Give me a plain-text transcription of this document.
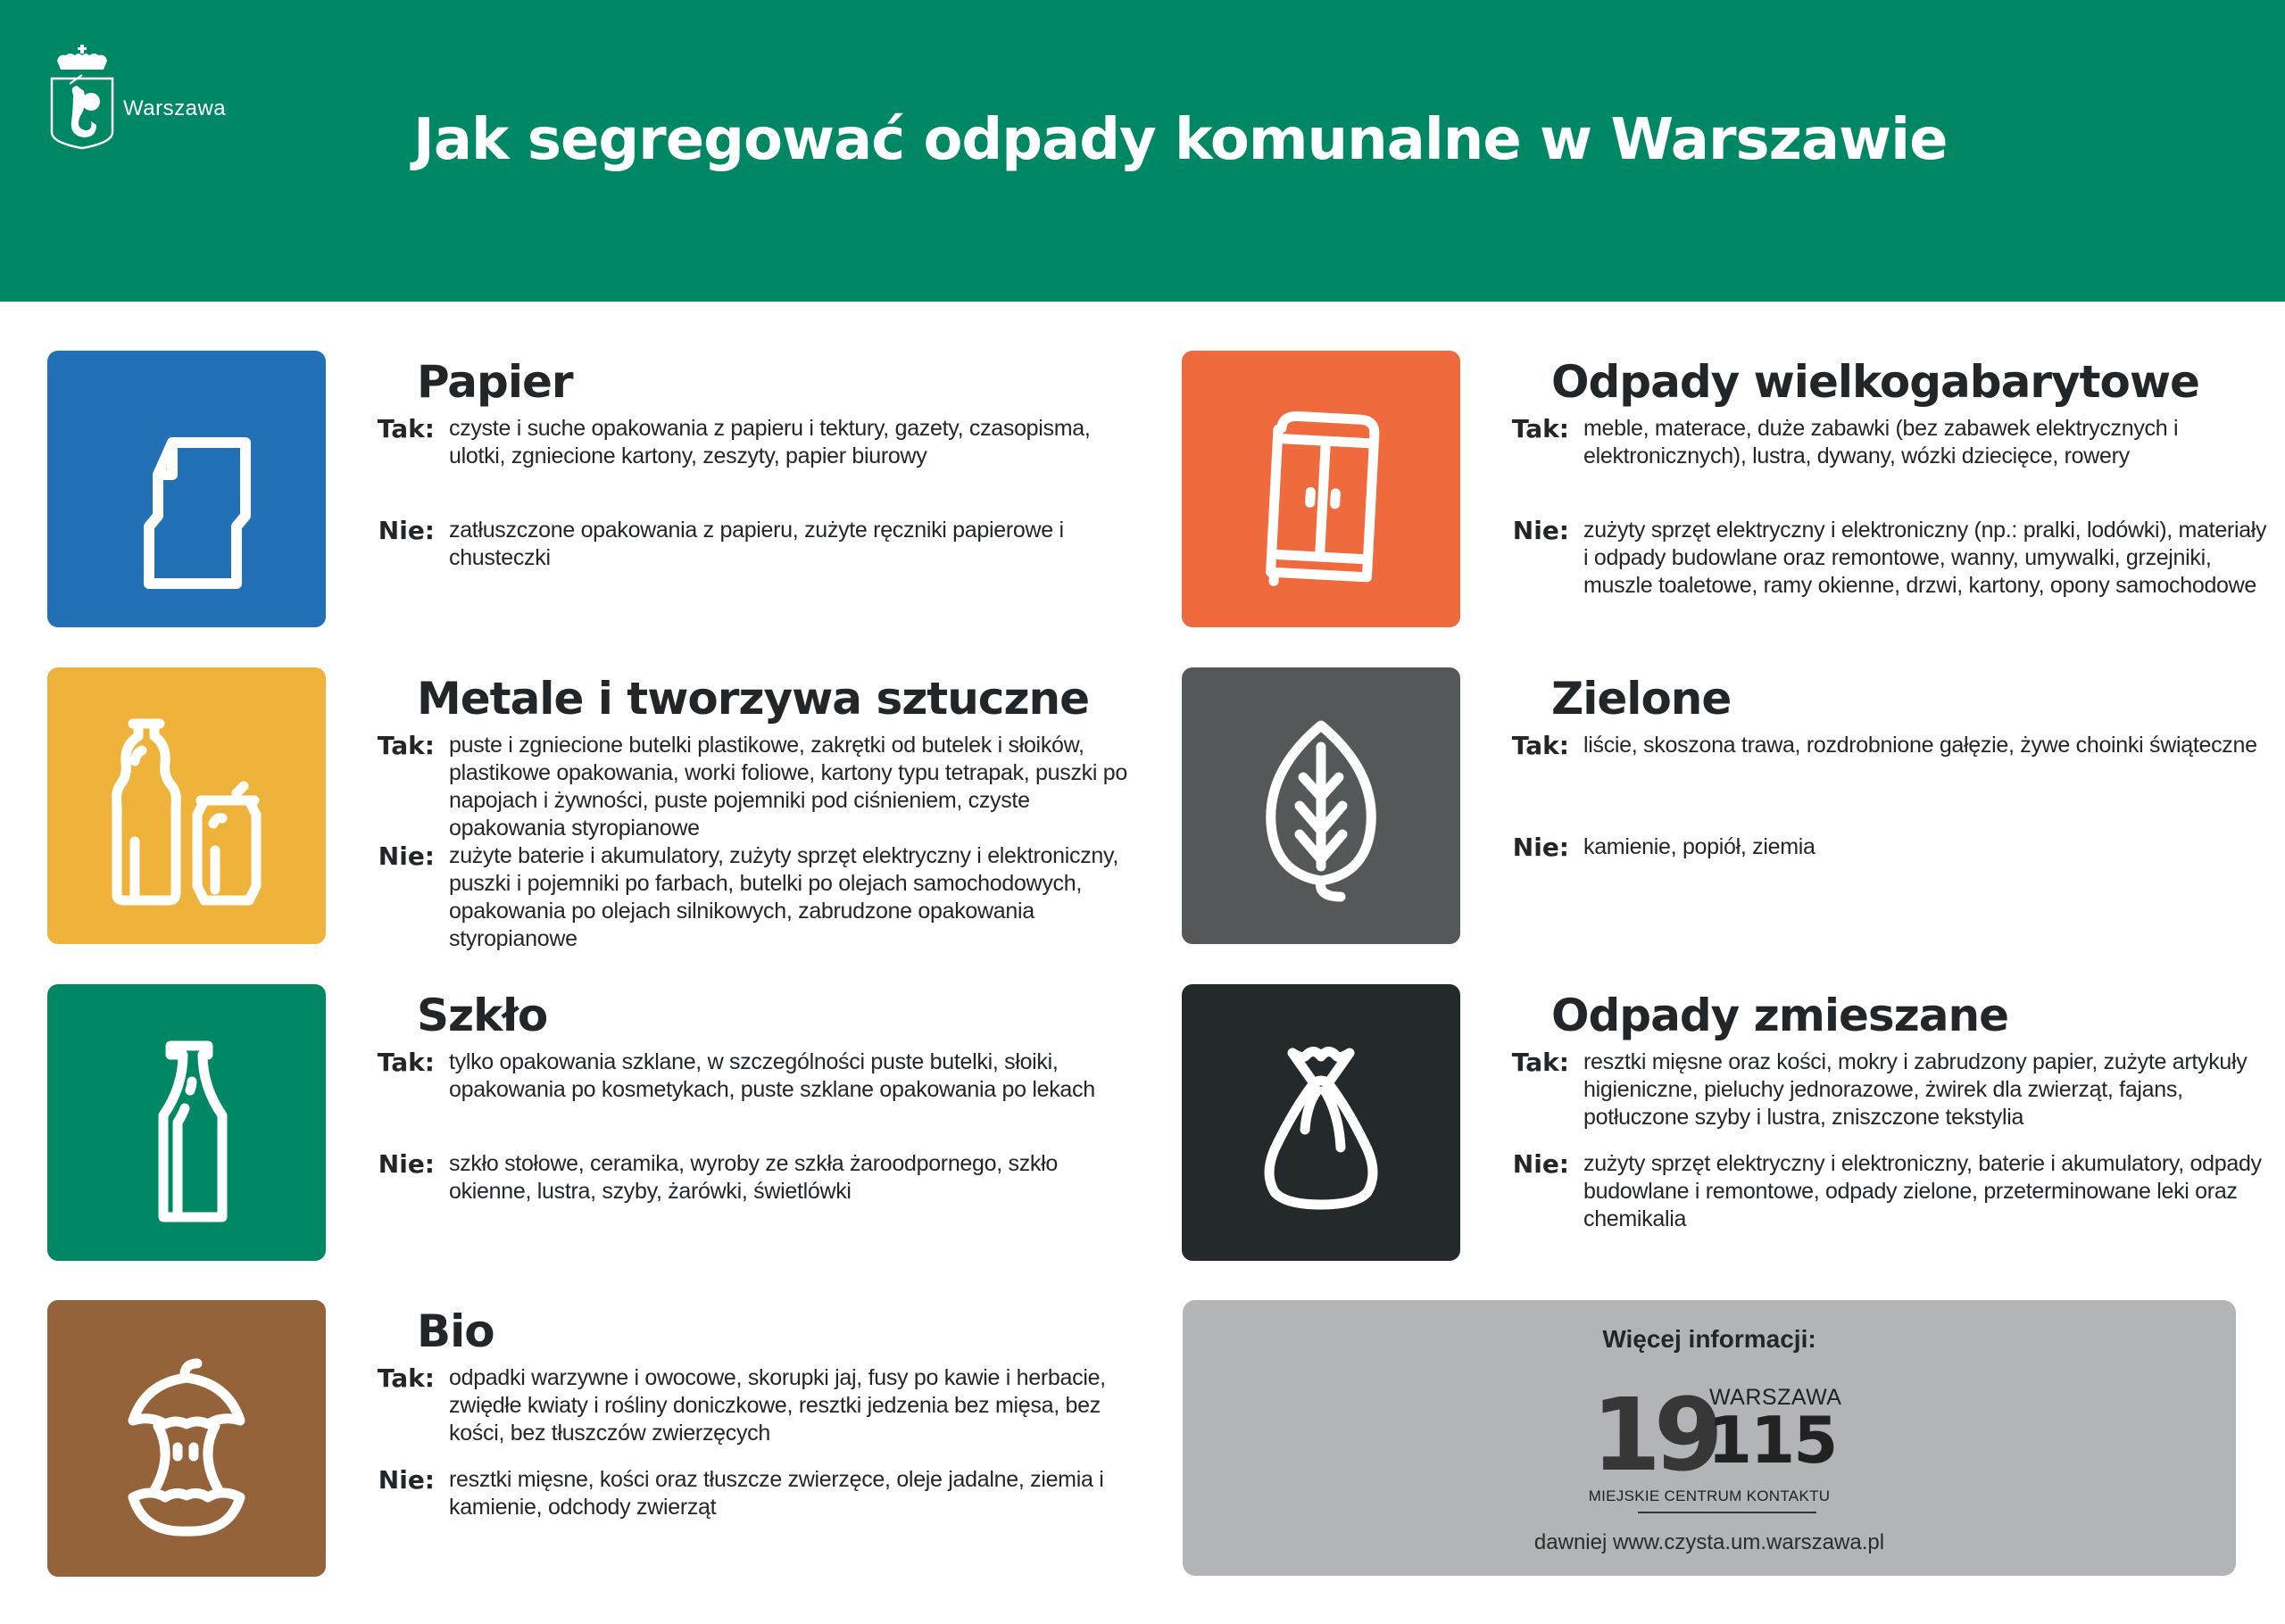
Warszawa	Jak segregować odpady komunalne w Warszawie
Papier
Tak: czyste i suche opakowania z papieru i tektury, gazety, czasopisma, ulotki, zgniecione kartony, zeszyty, papier biurowy
Nie: zatłuszczone opakowania z papieru, zużyte ręczniki papierowe i chusteczki
Metale i tworzywa sztuczne
Tak: puste i zgniecione butelki plastikowe, zakrętki od butelek i słoików, plastikowe opakowania, worki foliowe, kartony typu tetrapak, puszki po napojach i żywności, puste pojemniki pod ciśnieniem, czyste opakowania styropianowe
Nie: zużyte baterie i akumulatory, zużyty sprzęt elektryczny i elektroniczny, puszki i pojemniki po farbach, butelki po olejach samochodowych, opakowania po olejach silnikowych, zabrudzone opakowania styropianowe
Szkło
Tak: tylko opakowania szklane, w szczególności puste butelki, słoiki, opakowania po kosmetykach, puste szklane opakowania po lekach
Nie: szkło stołowe, ceramika, wyroby ze szkła żaroodpornego, szkło okienne, lustra, szyby, żarówki, świetlówki
Bio
Tak: odpadki warzywne i owocowe, skorupki jaj, fusy po kawie i herbacie, zwiędłe kwiaty i rośliny doniczkowe, resztki jedzenia bez mięsa, bez kości, bez tłuszczów zwierzęcych
Nie: resztki mięsne, kości oraz tłuszcze zwierzęce, oleje jadalne, ziemia i kamienie, odchody zwierząt
Odpady wielkogabarytowe
Tak: meble, materace, duże zabawki (bez zabawek elektrycznych i elektronicznych), lustra, dywany, wózki dziecięce, rowery
Nie: zużyty sprzęt elektryczny i elektroniczny (np.: pralki, lodówki), materiały i odpady budowlane oraz remontowe, wanny, umywalki, grzejniki, muszle toaletowe, ramy okienne, drzwi, kartony, opony samochodowe
Zielone
Tak: liście, skoszona trawa, rozdrobnione gałęzie, żywe choinki świąteczne
Nie: kamienie, popiół, ziemia
Odpady zmieszane
Tak: resztki mięsne oraz kości, mokry i zabrudzony papier, zużyte artykuły higieniczne, pieluchy jednorazowe, żwirek dla zwierząt, fajans, potłuczone szyby i lustra, zniszczone tekstylia
Nie: zużyty sprzęt elektryczny i elektroniczny, baterie i akumulatory, odpady budowlane i remontowe, odpady zielone, przeterminowane leki oraz chemikalia
Więcej informacji:
19
WARSZAWA
115
MIEJSKIE CENTRUM KONTAKTU
dawniej www.czysta.um.warszawa.pl
